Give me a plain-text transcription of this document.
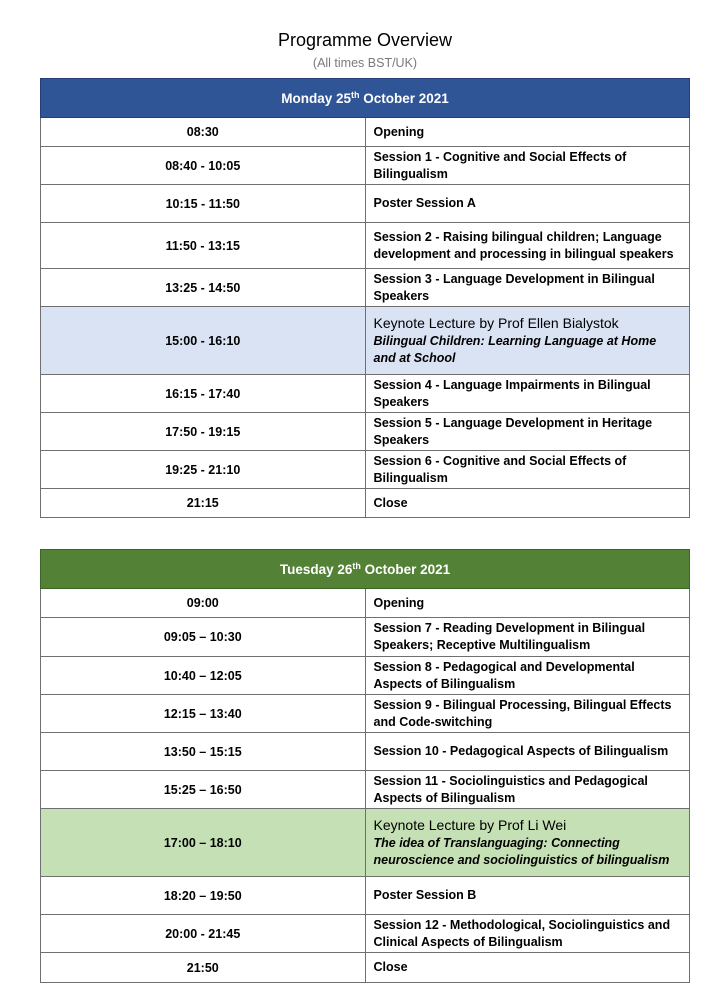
Programme Overview
(All times BST/UK)
Monday 25th October 2021	
08:30	Opening
08:40 - 10:05	Session 1 - Cognitive and Social Effects of Bilingualism
10:15 - 11:50	Poster Session A
11:50 - 13:15	Session 2 - Raising bilingual children; Language development and processing in bilingual speakers
13:25 - 14:50	Session 3 - Language Development in Bilingual Speakers
15:00 - 16:10	Keynote Lecture by Prof Ellen Bialystok
Bilingual Children: Learning Language at Home and at School

16:15 - 17:40	Session 4 - Language Impairments in Bilingual Speakers
17:50 - 19:15	Session 5 - Language Development in Heritage Speakers
19:25 - 21:10	Session 6 - Cognitive and Social Effects of Bilingualism
21:15	Close
Tuesday 26th October 2021	
09:00	Opening
09:05 – 10:30	Session 7 - Reading Development in Bilingual Speakers; Receptive Multilingualism
10:40 – 12:05	Session 8 - Pedagogical and Developmental Aspects of Bilingualism
12:15 – 13:40	Session 9 - Bilingual Processing, Bilingual Effects and Code-switching
13:50 – 15:15	Session 10 - Pedagogical Aspects of Bilingualism
15:25 – 16:50	Session 11 - Sociolinguistics and Pedagogical Aspects of Bilingualism
17:00 – 18:10	Keynote Lecture by Prof Li Wei
The idea of Translanguaging: Connecting neuroscience and sociolinguistics of bilingualism

18:20 – 19:50	Poster Session B
20:00 - 21:45	Session 12 - Methodological, Sociolinguistics and Clinical Aspects of Bilingualism
21:50	Close
